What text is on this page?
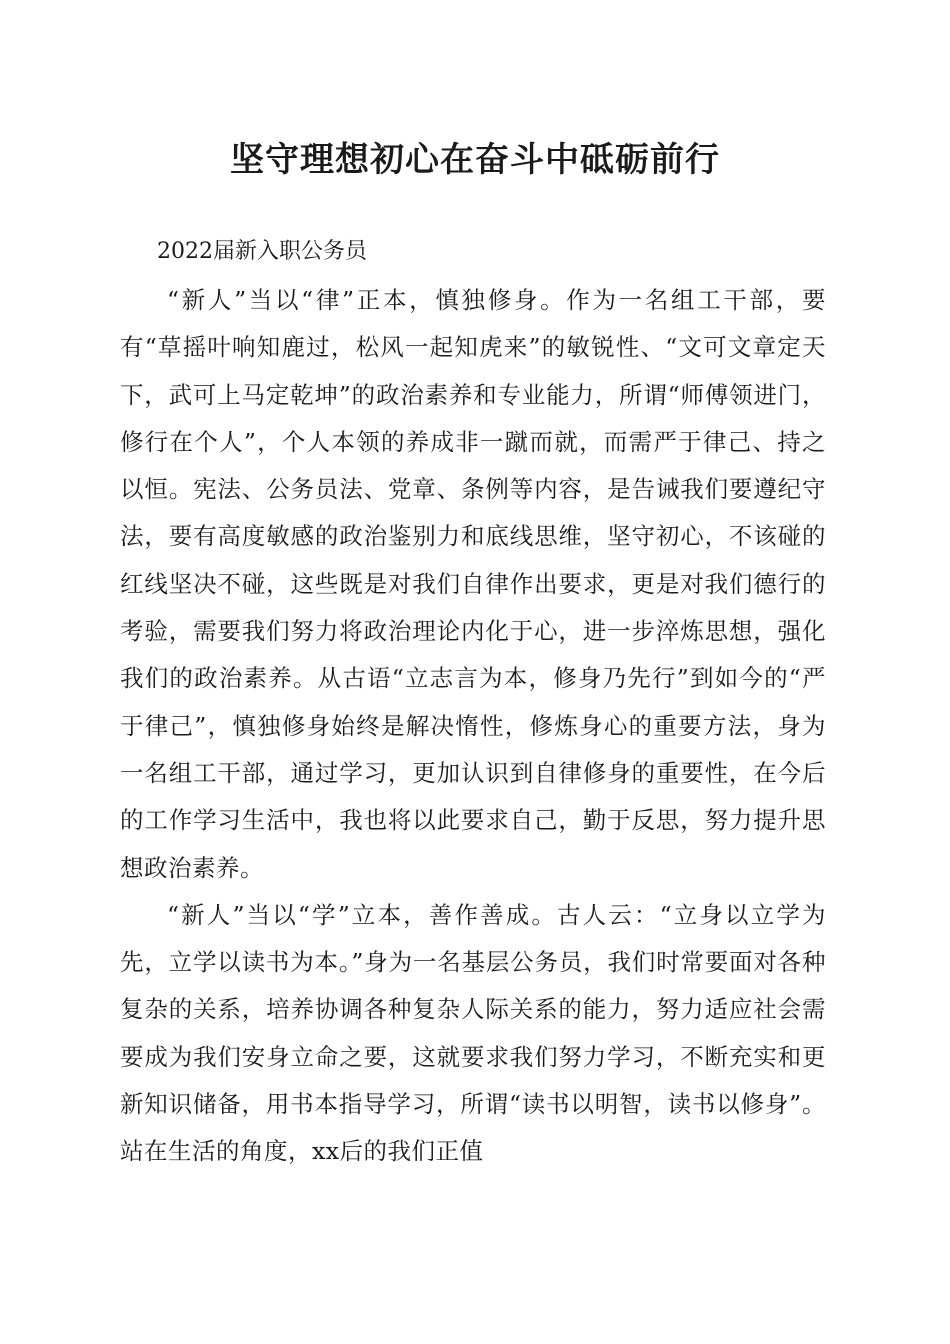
坚守理想初心在奋斗中砥砺前行

2022届新入职公务员

“新人”当以“律”正本，慎独修身。作为一名组工干部，要有“草摇叶响知鹿过，松风一起知虎来”的敏锐性、“文可文章定天下，武可上马定乾坤”的政治素养和专业能力，所谓“师傅领进门，修行在个人”，个人本领的养成非一蹴而就，而需严于律己、持之以恒。宪法、公务员法、党章、条例等内容，是告诫我们要遵纪守法，要有高度敏感的政治鉴别力和底线思维，坚守初心，不该碰的红线坚决不碰，这些既是对我们自律作出要求，更是对我们德行的考验，需要我们努力将政治理论内化于心，进一步淬炼思想，强化我们的政治素养。从古语“立志言为本，修身乃先行”到如今的“严于律己”，慎独修身始终是解决惰性，修炼身心的重要方法，身为一名组工干部，通过学习，更加认识到自律修身的重要性，在今后的工作学习生活中，我也将以此要求自己，勤于反思，努力提升思想政治素养。

“新人”当以“学”立本，善作善成。古人云：“立身以立学为先，立学以读书为本。”身为一名基层公务员，我们时常要面对各种复杂的关系，培养协调各种复杂人际关系的能力，努力适应社会需要成为我们安身立命之要，这就要求我们努力学习，不断充实和更新知识储备，用书本指导学习，所谓“读书以明智，读书以修身”。站在生活的角度，xx后的我们正值
